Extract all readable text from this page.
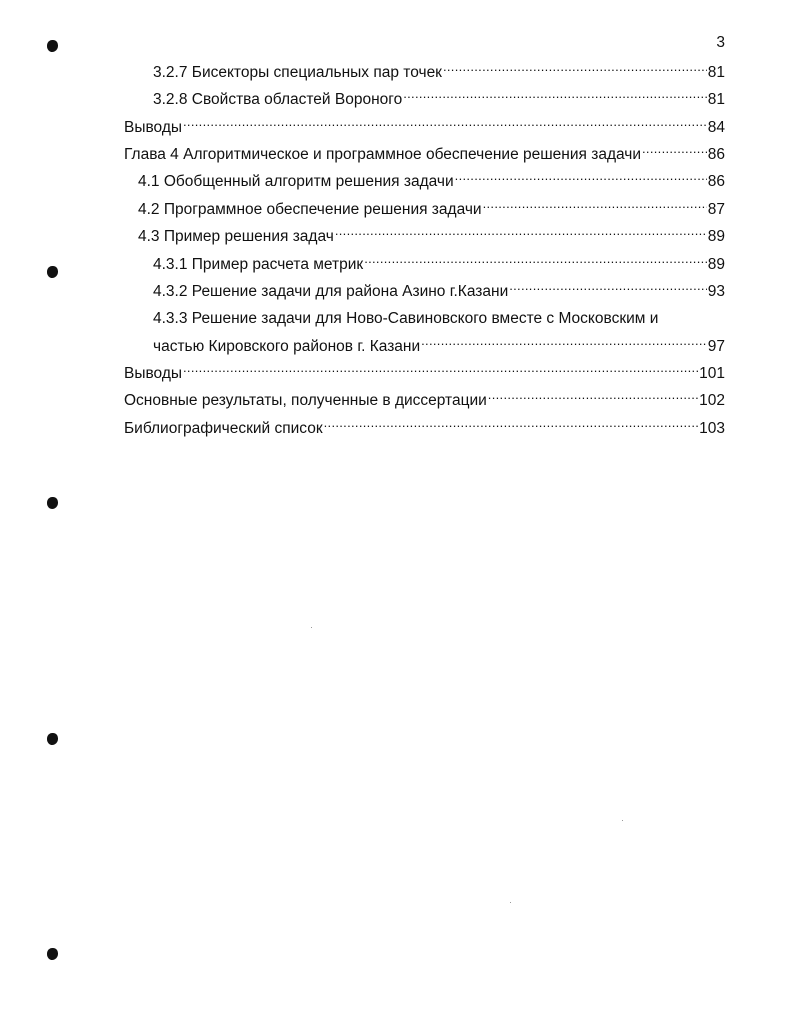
3
3.2.7 Бисекторы специальных пар точек .....	81
3.2.8 Свойства областей Вороного .....	81
Выводы .....	84
Глава 4 Алгоритмическое и программное обеспечение решения задачи .....	86
4.1 Обобщенный алгоритм решения задачи .....	86
4.2 Программное обеспечение решения задачи .....	87
4.3 Пример решения задач .....	89
4.3.1 Пример расчета метрик .....	89
4.3.2 Решение задачи для района Азино г.Казани .....	93
4.3.3 Решение задачи для Ново-Савиновского вместе с Московским и
частью Кировского районов г. Казани .....	97
Выводы .....	101
Основные результаты, полученные в диссертации .....	102
Библиографический список .....	103
